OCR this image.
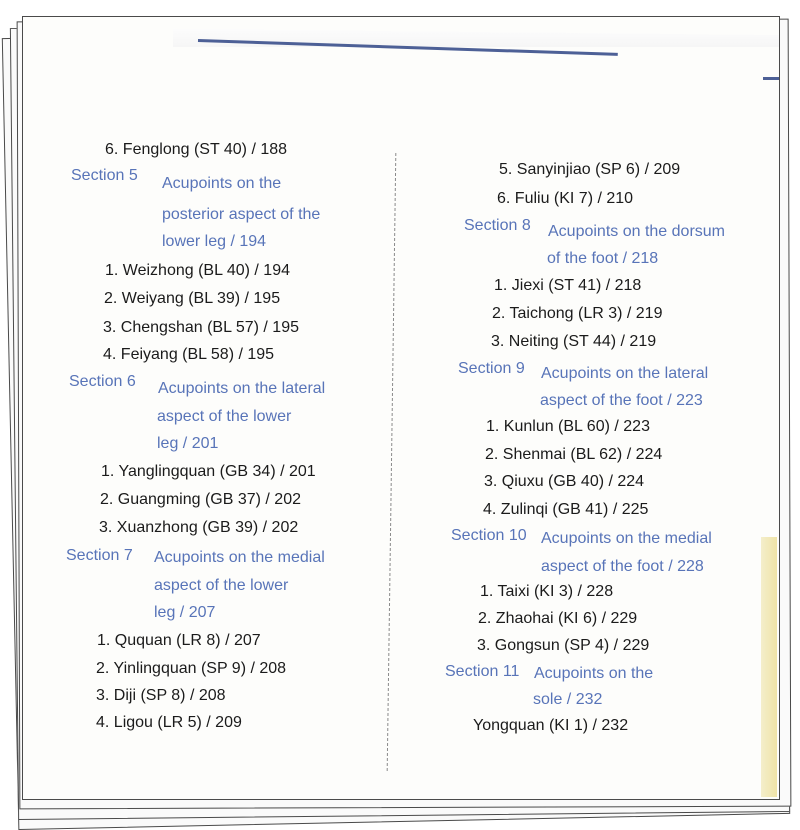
6. Fenglong (ST 40) / 188
Section 5 Acupoints on the
posterior aspect of the
lower leg / 194
1. Weizhong (BL 40) / 194
2. Weiyang (BL 39) / 195
3. Chengshan (BL 57) / 195
4. Feiyang (BL 58) / 195
Section 6 Acupoints on the lateral
aspect of the lower
leg / 201
1. Yanglingquan (GB 34) / 201
2. Guangming (GB 37) / 202
3. Xuanzhong (GB 39) / 202
Section 7 Acupoints on the medial
aspect of the lower
leg / 207
1. Ququan (LR 8) / 207
2. Yinlingquan (SP 9) / 208
3. Diji (SP 8) / 208
4. Ligou (LR 5) / 209
5. Sanyinjiao (SP 6) / 209
6. Fuliu (KI 7) / 210
Section 8 Acupoints on the dorsum
of the foot / 218
1. Jiexi (ST 41) / 218
2. Taichong (LR 3) / 219
3. Neiting (ST 44) / 219
Section 9 Acupoints on the lateral
aspect of the foot / 223
1. Kunlun (BL 60) / 223
2. Shenmai (BL 62) / 224
3. Qiuxu (GB 40) / 224
4. Zulinqi (GB 41) / 225
Section 10 Acupoints on the medial
aspect of the foot / 228
1. Taixi (KI 3) / 228
2. Zhaohai (KI 6) / 229
3. Gongsun (SP 4) / 229
Section 11 Acupoints on the
sole / 232
Yongquan (KI 1) / 232
